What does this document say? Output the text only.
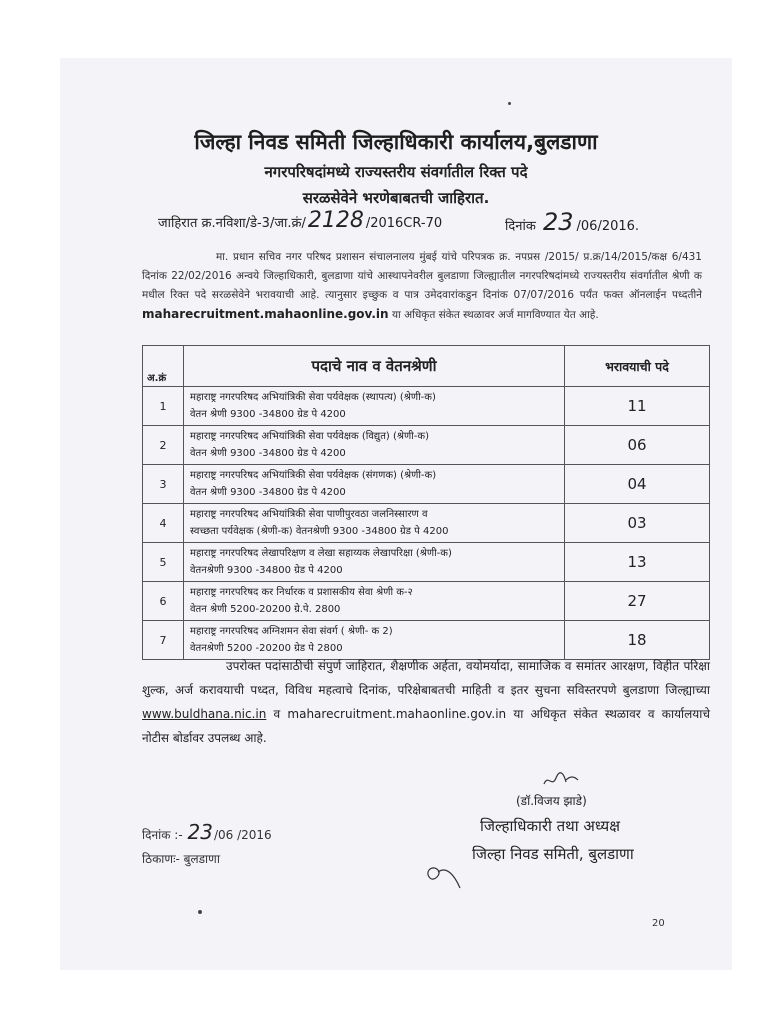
जिल्हा निवड समिती जिल्हाधिकारी कार्यालय,बुलडाणा
नगरपरिषदांमध्ये राज्यस्तरीय संवर्गातील रिक्त पदे
सरळसेवेने भरणेबाबतची जाहिरात.
जाहिरात क्र.नविशा/डे-3/जा.क्रं/2128 /2016CR-70	दिनांक 23 /06/2016.

मा. प्रधान सचिव नगर परिषद प्रशासन संचालनालय मुंबई यांचे परिपत्रक क्र. नपप्रस /2015/ प्र.क्र/14/2015/कक्ष 6/431 दिनांक 22/02/2016 अन्वये जिल्हाधिकारी, बुलडाणा यांचे आस्थापनेवरील बुलडाणा जिल्ह्यातील नगरपरिषदांमध्ये राज्यस्तरीय संवर्गातील श्रेणी क मधील रिक्त पदे सरळसेवेने भरावयाची आहे. त्यानुसार इच्छुक व पात्र उमेदवारांकडुन दिनांक 07/07/2016 पर्यंत फक्त ऑनलाईन पध्दतीने maharecruitment.mahaonline.gov.in या अधिकृत संकेत स्थळावर अर्ज मागविण्यात येत आहे.

अ.क्रं	पदाचे नाव व वेतनश्रेणी	भरावयाची पदे
1	महाराष्ट्र नगरपरिषद अभियांत्रिकी सेवा पर्यवेक्षक (स्थापत्य) (श्रेणी-क)
वेतन श्रेणी 9300 -34800 ग्रेड पे 4200	11
2	महाराष्ट्र नगरपरिषद अभियांत्रिकी सेवा पर्यवेक्षक (विद्युत) (श्रेणी-क)
वेतन श्रेणी 9300 -34800 ग्रेड पे 4200	06
3	महाराष्ट्र नगरपरिषद अभियांत्रिकी सेवा पर्यवेक्षक (संगणक) (श्रेणी-क)
वेतन श्रेणी 9300 -34800 ग्रेड पे 4200	04
4	महाराष्ट्र नगरपरिषद अभियांत्रिकी सेवा पाणीपुरवठा जलनिस्सारण व
स्वच्छता पर्यवेक्षक (श्रेणी-क) वेतनश्रेणी 9300 -34800 ग्रेड पे 4200	03
5	महाराष्ट्र नगरपरिषद लेखापरिक्षण व लेखा सहाय्यक लेखापरिक्षा (श्रेणी-क)
वेतनश्रेणी 9300 -34800 ग्रेड पे 4200	13
6	महाराष्ट्र नगरपरिषद कर निर्धारक व प्रशासकीय सेवा श्रेणी क-२
वेतन श्रेणी 5200-20200 ग्रे.पे. 2800	27
7	महाराष्ट्र नगरपरिषद अग्निशमन सेवा संवर्ग ( श्रेणी- क 2)
वेतनश्रेणी 5200 -20200 ग्रेड पे 2800	18

उपरोक्त पदांसाठीची संपुर्ण जाहिरात, शैक्षणीक अर्हता, वयोमर्यादा, सामाजिक व समांतर आरक्षण, विहीत परिक्षा शुल्क, अर्ज करावयाची पध्दत, विविध महत्वाचे दिनांक, परिक्षेबाबतची माहिती व इतर सुचना सविस्तरपणे बुलडाणा जिल्ह्याच्या www.buldhana.nic.in व maharecruitment.mahaonline.gov.in या अधिकृत संकेत स्थळावर व कार्यालयाचे नोटीस बोर्डावर उपलब्ध आहे.

(डॉ.विजय झाडे)
जिल्हाधिकारी तथा अध्यक्ष
जिल्हा निवड समिती, बुलडाणा
दिनांक :- 23/06 /2016
ठिकाणः- बुलडाणा
20
